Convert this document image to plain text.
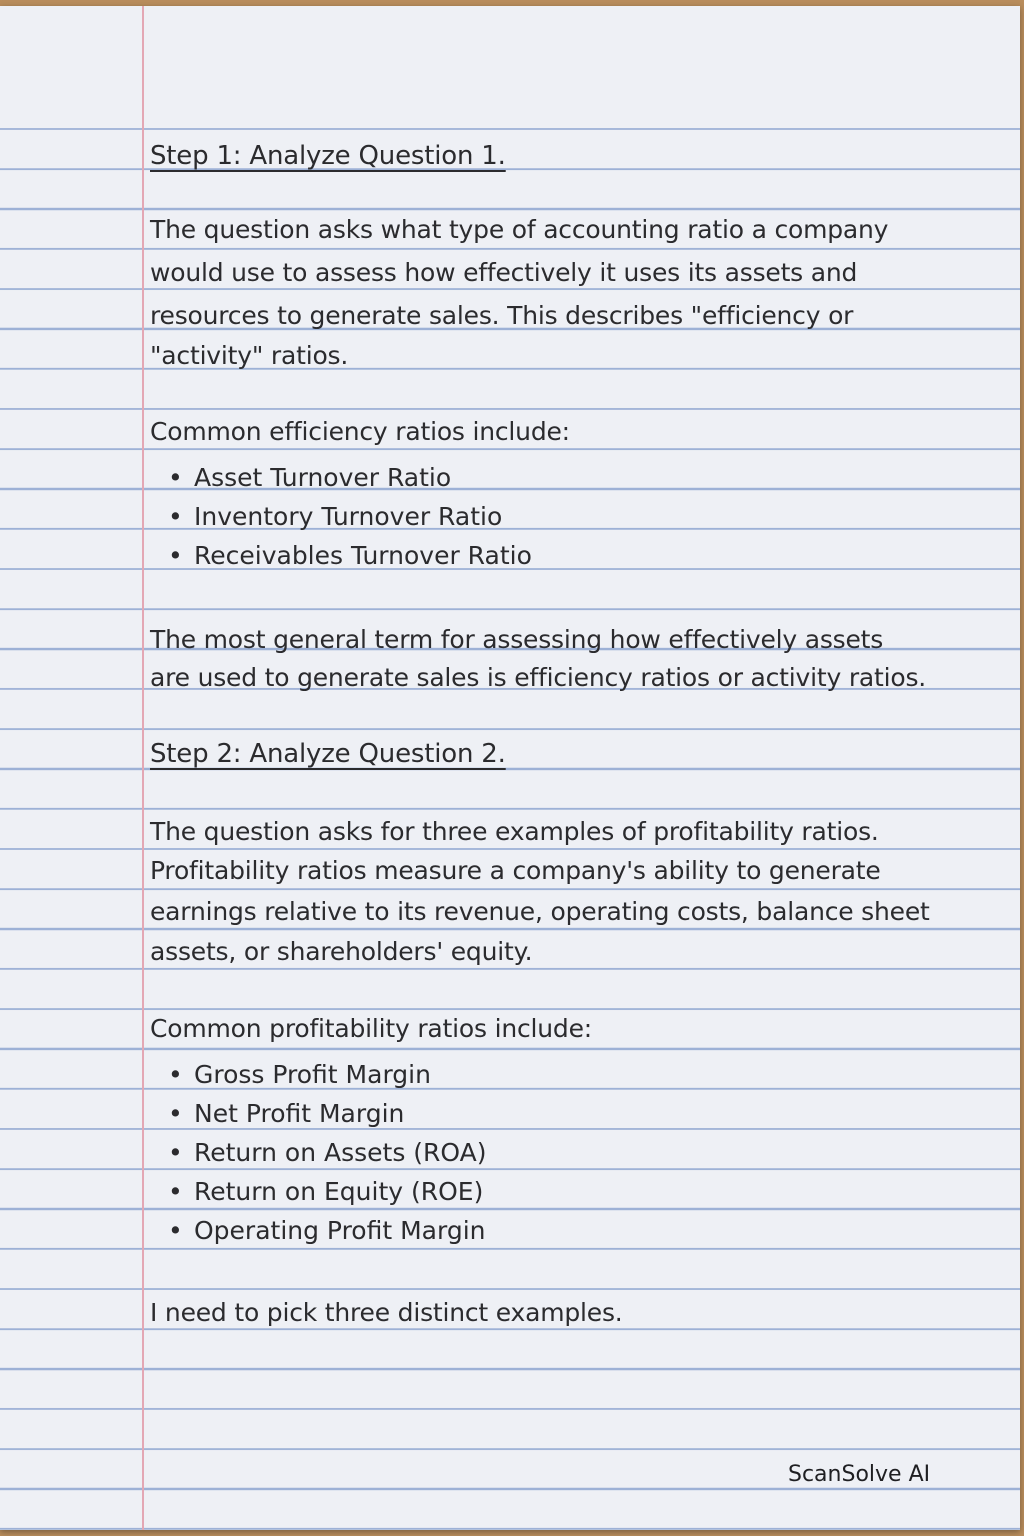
Step 1: Analyze Question 1.

The question asks what type of accounting ratio a company

would use to assess how effectively it uses its assets and

resources to generate sales. This describes "efficiency or

"activity" ratios.

Common efficiency ratios include:

• Asset Turnover Ratio
• Inventory Turnover Ratio
• Receivables Turnover Ratio

The most general term for assessing how effectively assets

are used to generate sales is efficiency ratios or activity ratios.

Step 2: Analyze Question 2.

The question asks for three examples of profitability ratios.

Profitability ratios measure a company's ability to generate

earnings relative to its revenue, operating costs, balance sheet

assets, or shareholders' equity.

Common profitability ratios include:

• Gross Profit Margin
• Net Profit Margin
• Return on Assets (ROA)
• Return on Equity (ROE)
• Operating Profit Margin

I need to pick three distinct examples.

ScanSolve AI
